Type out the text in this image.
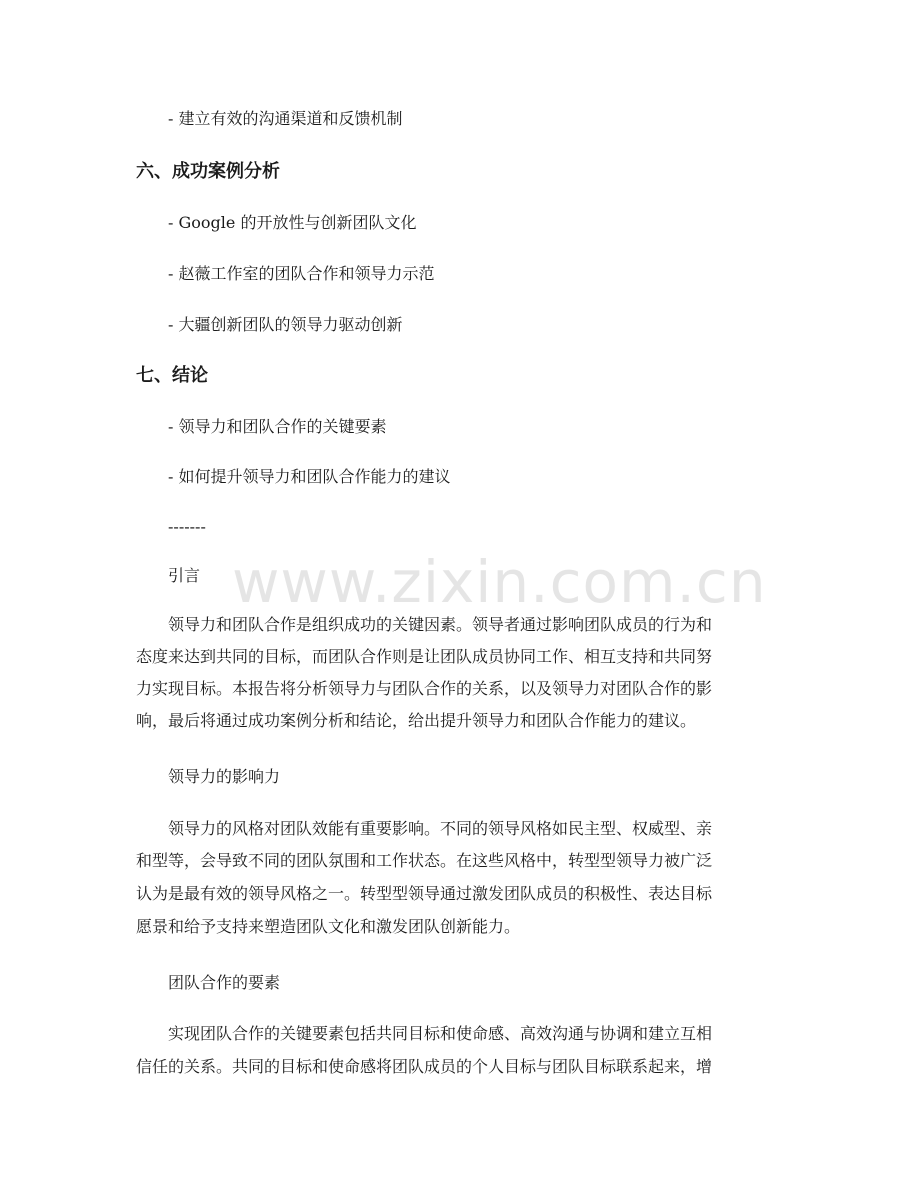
- 建立有效的沟通渠道和反馈机制
六、成功案例分析
- Google 的开放性与创新团队文化
- 赵薇工作室的团队合作和领导力示范
- 大疆创新团队的领导力驱动创新
七、结论
- 领导力和团队合作的关键要素
- 如何提升领导力和团队合作能力的建议
-------
引言
领导力和团队合作是组织成功的关键因素。领导者通过影响团队成员的行为和
态度来达到共同的目标，而团队合作则是让团队成员协同工作、相互支持和共同努
力实现目标。本报告将分析领导力与团队合作的关系，以及领导力对团队合作的影
响，最后将通过成功案例分析和结论，给出提升领导力和团队合作能力的建议。
领导力的影响力
领导力的风格对团队效能有重要影响。不同的领导风格如民主型、权威型、亲
和型等，会导致不同的团队氛围和工作状态。在这些风格中，转型型领导力被广泛
认为是最有效的领导风格之一。转型型领导通过激发团队成员的积极性、表达目标
愿景和给予支持来塑造团队文化和激发团队创新能力。
团队合作的要素
实现团队合作的关键要素包括共同目标和使命感、高效沟通与协调和建立互相
信任的关系。共同的目标和使命感将团队成员的个人目标与团队目标联系起来，增
www.zixin.com.cn
